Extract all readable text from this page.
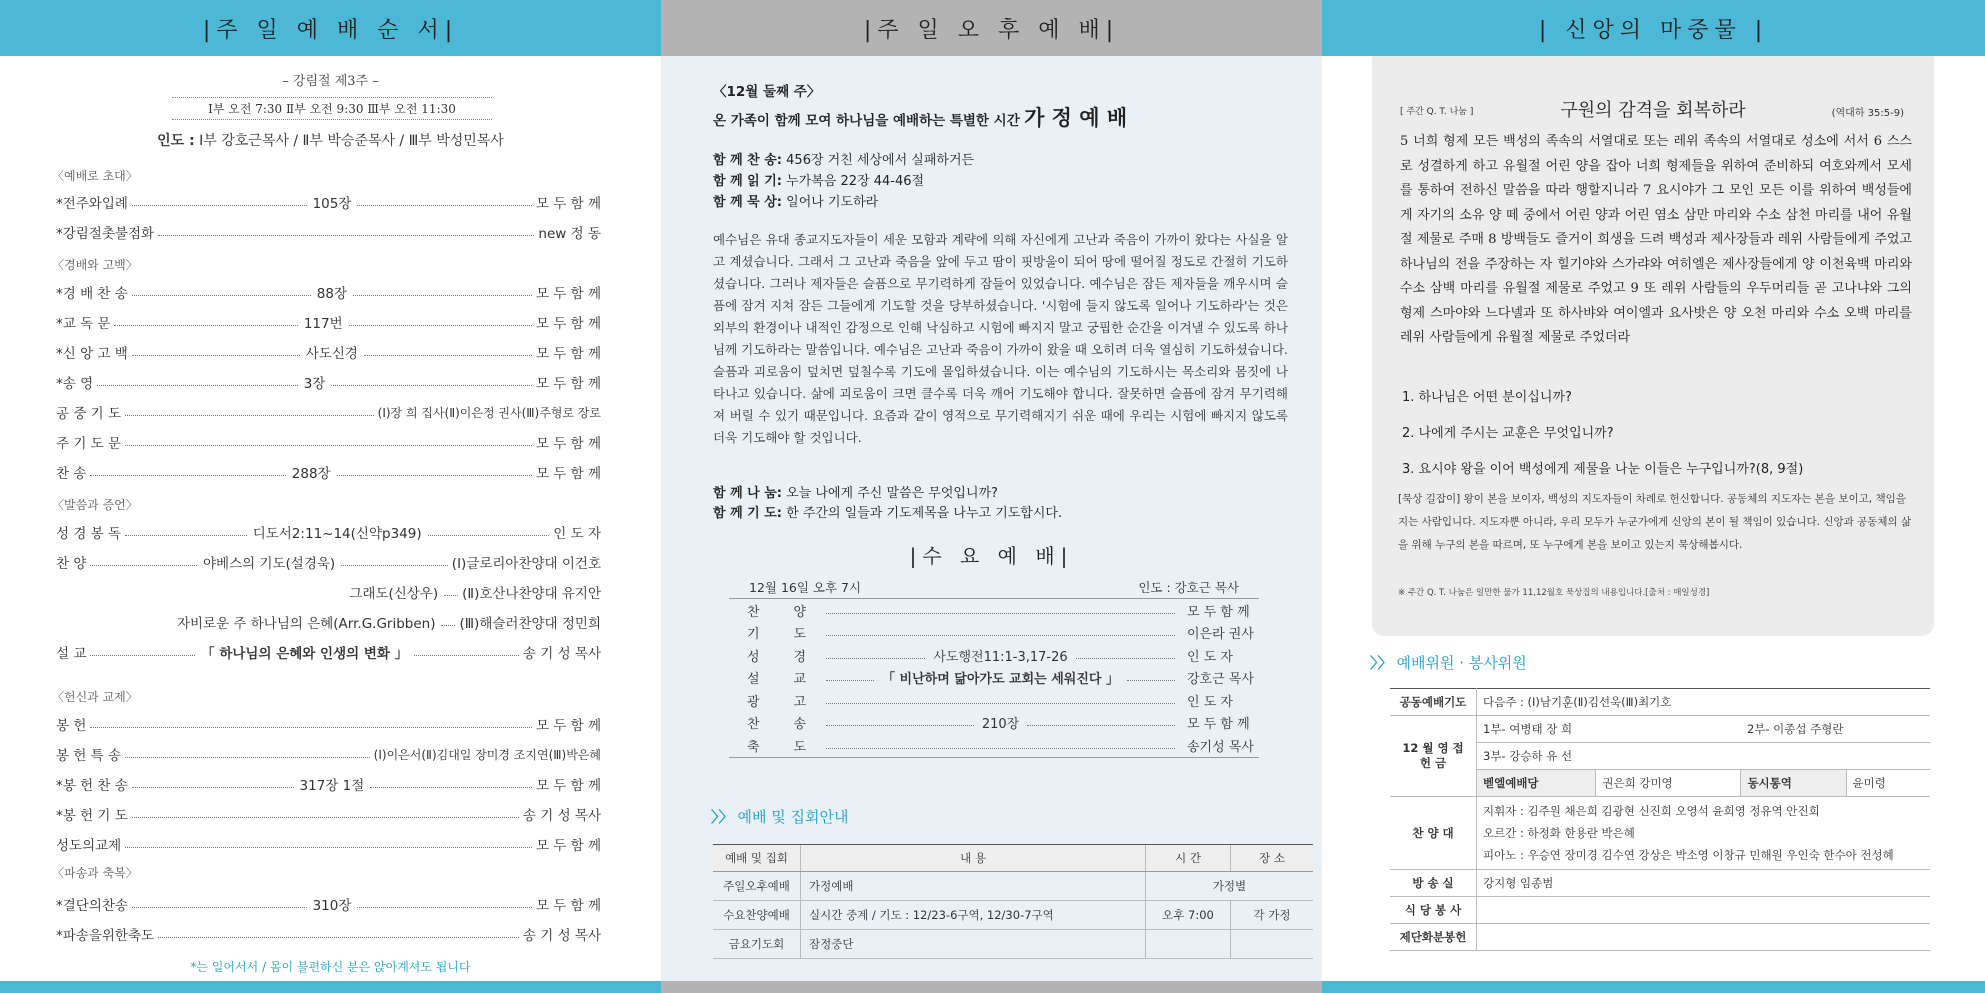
|주 일 예 배 순 서|
– 강림절 제3주 –
Ⅰ부 오전 7:30 Ⅱ부 오전 9:30 Ⅲ부 오전 11:30
인도 : Ⅰ부 강호근목사 / Ⅱ부 박승준목사 / Ⅲ부 박성민목사
〈예배로 초대〉
〈경배와 고백〉
〈발씀과 증언〉
〈헌신과 교제〉
〈파송과 축복〉
*전주와입례	105장	모 두 함 께
*강림절촛불점화	new 정 동
*경 배 찬 송	88장	모 두 함 께
*교 독 문	117번	모 두 함 께
*신 앙 고 백	사도신경	모 두 함 께
*송 영	3장	모 두 함 께
공 중 기 도	(Ⅰ)장 희 집사(Ⅱ)이은정 권사(Ⅲ)주형로 장로
주 기 도 문	모 두 함 께
찬 송	288장	모 두 함 께
성 경 봉 독	디도서2:11~14(신약p349)	인 도 자
찬 양	야베스의 기도(설경욱)	(Ⅰ)글로리아찬양대 이건호
그래도(신상우) (Ⅱ)호산나찬양대 유지안
자비로운 주 하나님의 은혜(Arr.G.Gribben) (Ⅲ)해슬러찬양대 정민희
설 교	「 하나님의 은혜와 인생의 변화 」	송 기 성 목사
봉 헌	모 두 함 께
봉 헌 특 송	(Ⅰ)이은서(Ⅱ)김대일 장미경 조지연(Ⅲ)박은혜
*봉 헌 찬 송	317장 1절	모 두 함 께
*봉 헌 기 도	송 기 성 목사
성도의교제	모 두 함 께
*결단의찬송	310장	모 두 함 께
*파송을위한축도	송 기 성 목사
*는 일어서서 / 몸이 불편하신 분은 앉아계셔도 됩니다
|주 일 오 후 예 배|
〈12월 둘째 주〉
온 가족이 함께 모여 하나님을 예배하는 특별한 시간 가 정 예 배
함 께 찬 송: 456장 거친 세상에서 실패하거든
함 께 읽 기: 누가복음 22장 44-46절
함 께 묵 상: 일어나 기도하라
예수님은 유대 종교지도자들이 세운 모함과 계략에 의해 자신에게 고난과 죽음이 가까이 왔다는 사실을 알고 계셨습니다. 그래서 그 고난과 죽음을 앞에 두고 땀이 핏방울이 되어 땅에 떨어질 정도로 간절히 기도하셨습니다. 그러나 제자들은 슬픔으로 무기력하게 잠들어 있었습니다. 예수님은 잠든 제자들을 깨우시며 슬픔에 잠겨 지쳐 잠든 그들에게 기도할 것을 당부하셨습니다. '시험에 들지 않도록 일어나 기도하라'는 것은 외부의 환경이나 내적인 감정으로 인해 낙심하고 시험에 빠지지 말고 궁핍한 순간을 이겨낼 수 있도록 하나님께 기도하라는 말씀입니다. 예수님은 고난과 죽음이 가까이 왔을 때 오히려 더욱 열심히 기도하셨습니다. 슬픔과 괴로움이 덮치면 덮칠수록 기도에 몰입하셨습니다. 이는 예수님의 기도하시는 목소리와 몸짓에 나타나고 있습니다. 삶에 괴로움이 크면 클수록 더욱 깨어 기도해야 합니다. 잘못하면 슬픔에 잠겨 무기력해져 버릴 수 있기 때문입니다. 요즘과 같이 영적으로 무기력해지기 쉬운 때에 우리는 시험에 빠지지 않도록 더욱 기도해야 할 것입니다.
함 께 나 눔: 오늘 나에게 주신 말씀은 무엇입니까?
함 께 기 도: 한 주간의 일들과 기도제목을 나누고 기도합시다.
|수 요 예 배|
12월 16일 오후 7시	인도 : 강호근 목사
찬양	모 두 함 께
기도	이은라 권사
성경	사도행전11:1-3,17-26	인 도 자
설교	「 비난하며 닮아가도 교회는 세워진다 」	강호근 목사
광고	인 도 자
찬송	210장	모 두 함 께
축도	송기성 목사
〉〉 예배 및 집회안내
예배 및 집회	내 용	시 간	장 소
주일오후예배	가정예배	가정별	
수요찬양예배	실시간 중계 / 기도 : 12/23-6구역, 12/30-7구역	오후 7:00	각 가정
금요기도회	잠정중단		
| 신앙의 마중물 |
[ 주간 Q. T. 나눔 ]	구원의 감격을 회복하라	(역대하 35:5-9)
5 너희 형제 모든 백성의 족속의 서열대로 또는 레위 족속의 서열대로 성소에 서서 6 스스로 성결하게 하고 유월절 어린 양을 잡아 너희 형제들을 위하여 준비하되 여호와께서 모세를 통하여 전하신 말씀을 따라 행할지니라 7 요시야가 그 모인 모든 이를 위하여 백성들에게 자기의 소유 양 떼 중에서 어린 양과 어린 염소 삼만 마리와 수소 삼천 마리를 내어 유월절 제물로 주매 8 방백들도 즐거이 희생을 드려 백성과 제사장들과 레위 사람들에게 주었고 하나님의 전을 주장하는 자 힐기야와 스가랴와 여히엘은 제사장들에게 양 이천육백 마리와 수소 삼백 마리를 유월절 제물로 주었고 9 또 레위 사람들의 우두머리들 곧 고나냐와 그의 형제 스마야와 느다넬과 또 하사뱌와 여이엘과 요사밧은 양 오천 마리와 수소 오백 마리를 레위 사람들에게 유월절 제물로 주었더라
1. 하나님은 어떤 분이십니까?
2. 나에게 주시는 교훈은 무엇입니까?
3. 요시야 왕을 이어 백성에게 제물을 나눈 이들은 누구입니까?(8, 9절)
[묵상 길잡이] 왕이 본을 보이자, 백성의 지도자들이 차례로 헌신합니다. 공동체의 지도자는 본을 보이고, 책임을 지는 사람입니다. 지도자뿐 아니라, 우리 모두가 누군가에게 신앙의 본이 될 책임이 있습니다. 신앙과 공동체의 삶을 위해 누구의 본을 따르며, 또 누구에게 본을 보이고 있는지 묵상해봅시다.
※ 주간 Q. T. 나눔은 일만한 물가 11,12월호 묵상집의 내용입니다.[출처 : 매일성경]
〉〉 예배위원 · 봉사위원
공동예배기도	다음주 : (Ⅰ)남기훈(Ⅱ)김선욱(Ⅲ)최기호			
12 월 영 접 헌 금	1부- 여병태 장 희		2부- 이종섭 주형란	
	3부- 강승하 유 선			
	벧엘예배당	권은희 강미영	동시통역	윤미령
찬 양 대	지휘자 : 김주원 채은희 김광현 신진희 오영석 윤희영 정유역 안진희
오르간 : 하정화 한용란 박은혜
피아노 : 우승연 장미경 김수연 강상은 박소영 이창규 민해원 우인숙 한수아 전성혜			

방 송 실	강지형 임종범			
식 당 봉 사				
제단화분봉헌				
